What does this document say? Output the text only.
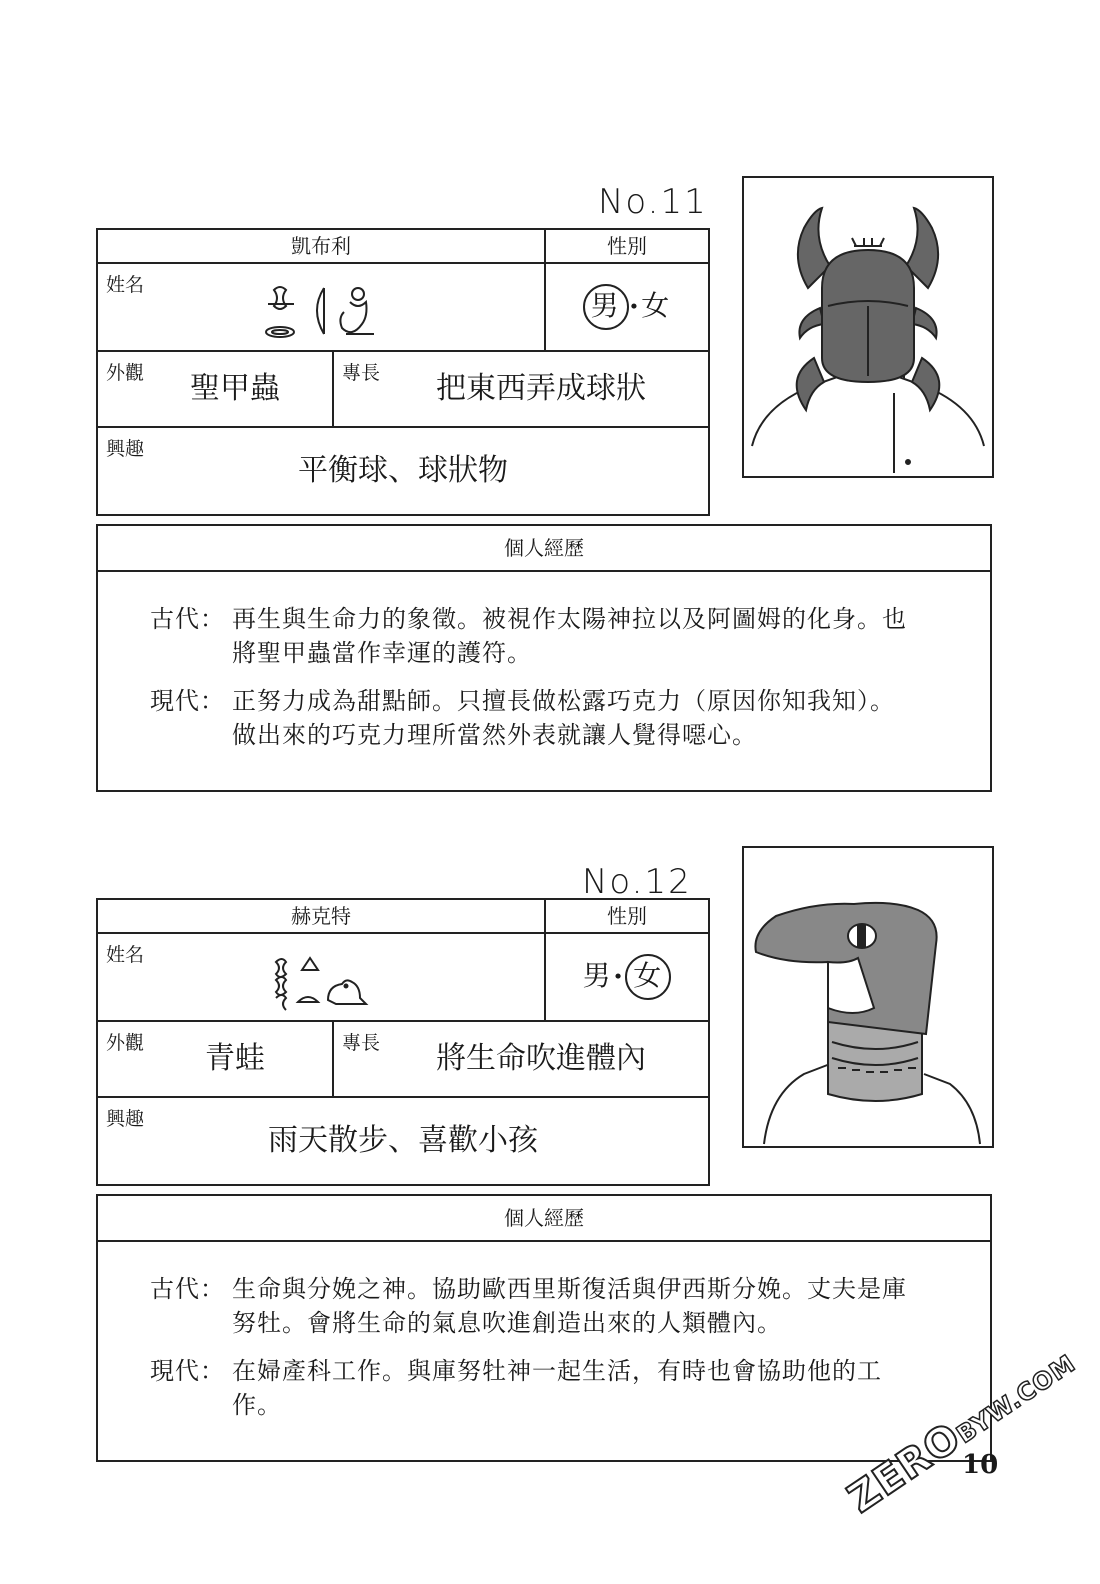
No.11
凱布利		性別

姓名		男 •女

外觀 聖甲蟲	專長 把東西弄成球狀	

興趣
平衡球、球狀物		
個人經歷
古代： 再生與生命力的象徵。被視作太陽神拉以及阿圖姆的化身。也將聖甲蟲當作幸運的護符。
現代： 正努力成為甜點師。只擅長做松露巧克力（原因你知我知）。做出來的巧克力理所當然外表就讓人覺得噁心。
No.12
赫克特		性別

姓名		男• 女

外觀 青蛙	專長 將生命吹進體內	

興趣
雨天散步、喜歡小孩		
個人經歷
古代： 生命與分娩之神。協助歐西里斯復活與伊西斯分娩。丈夫是庫努牡。會將生命的氣息吹進創造出來的人類體內。
現代： 在婦產科工作。與庫努牡神一起生活，有時也會協助他的工作。
10
ZEROBYW.COM
